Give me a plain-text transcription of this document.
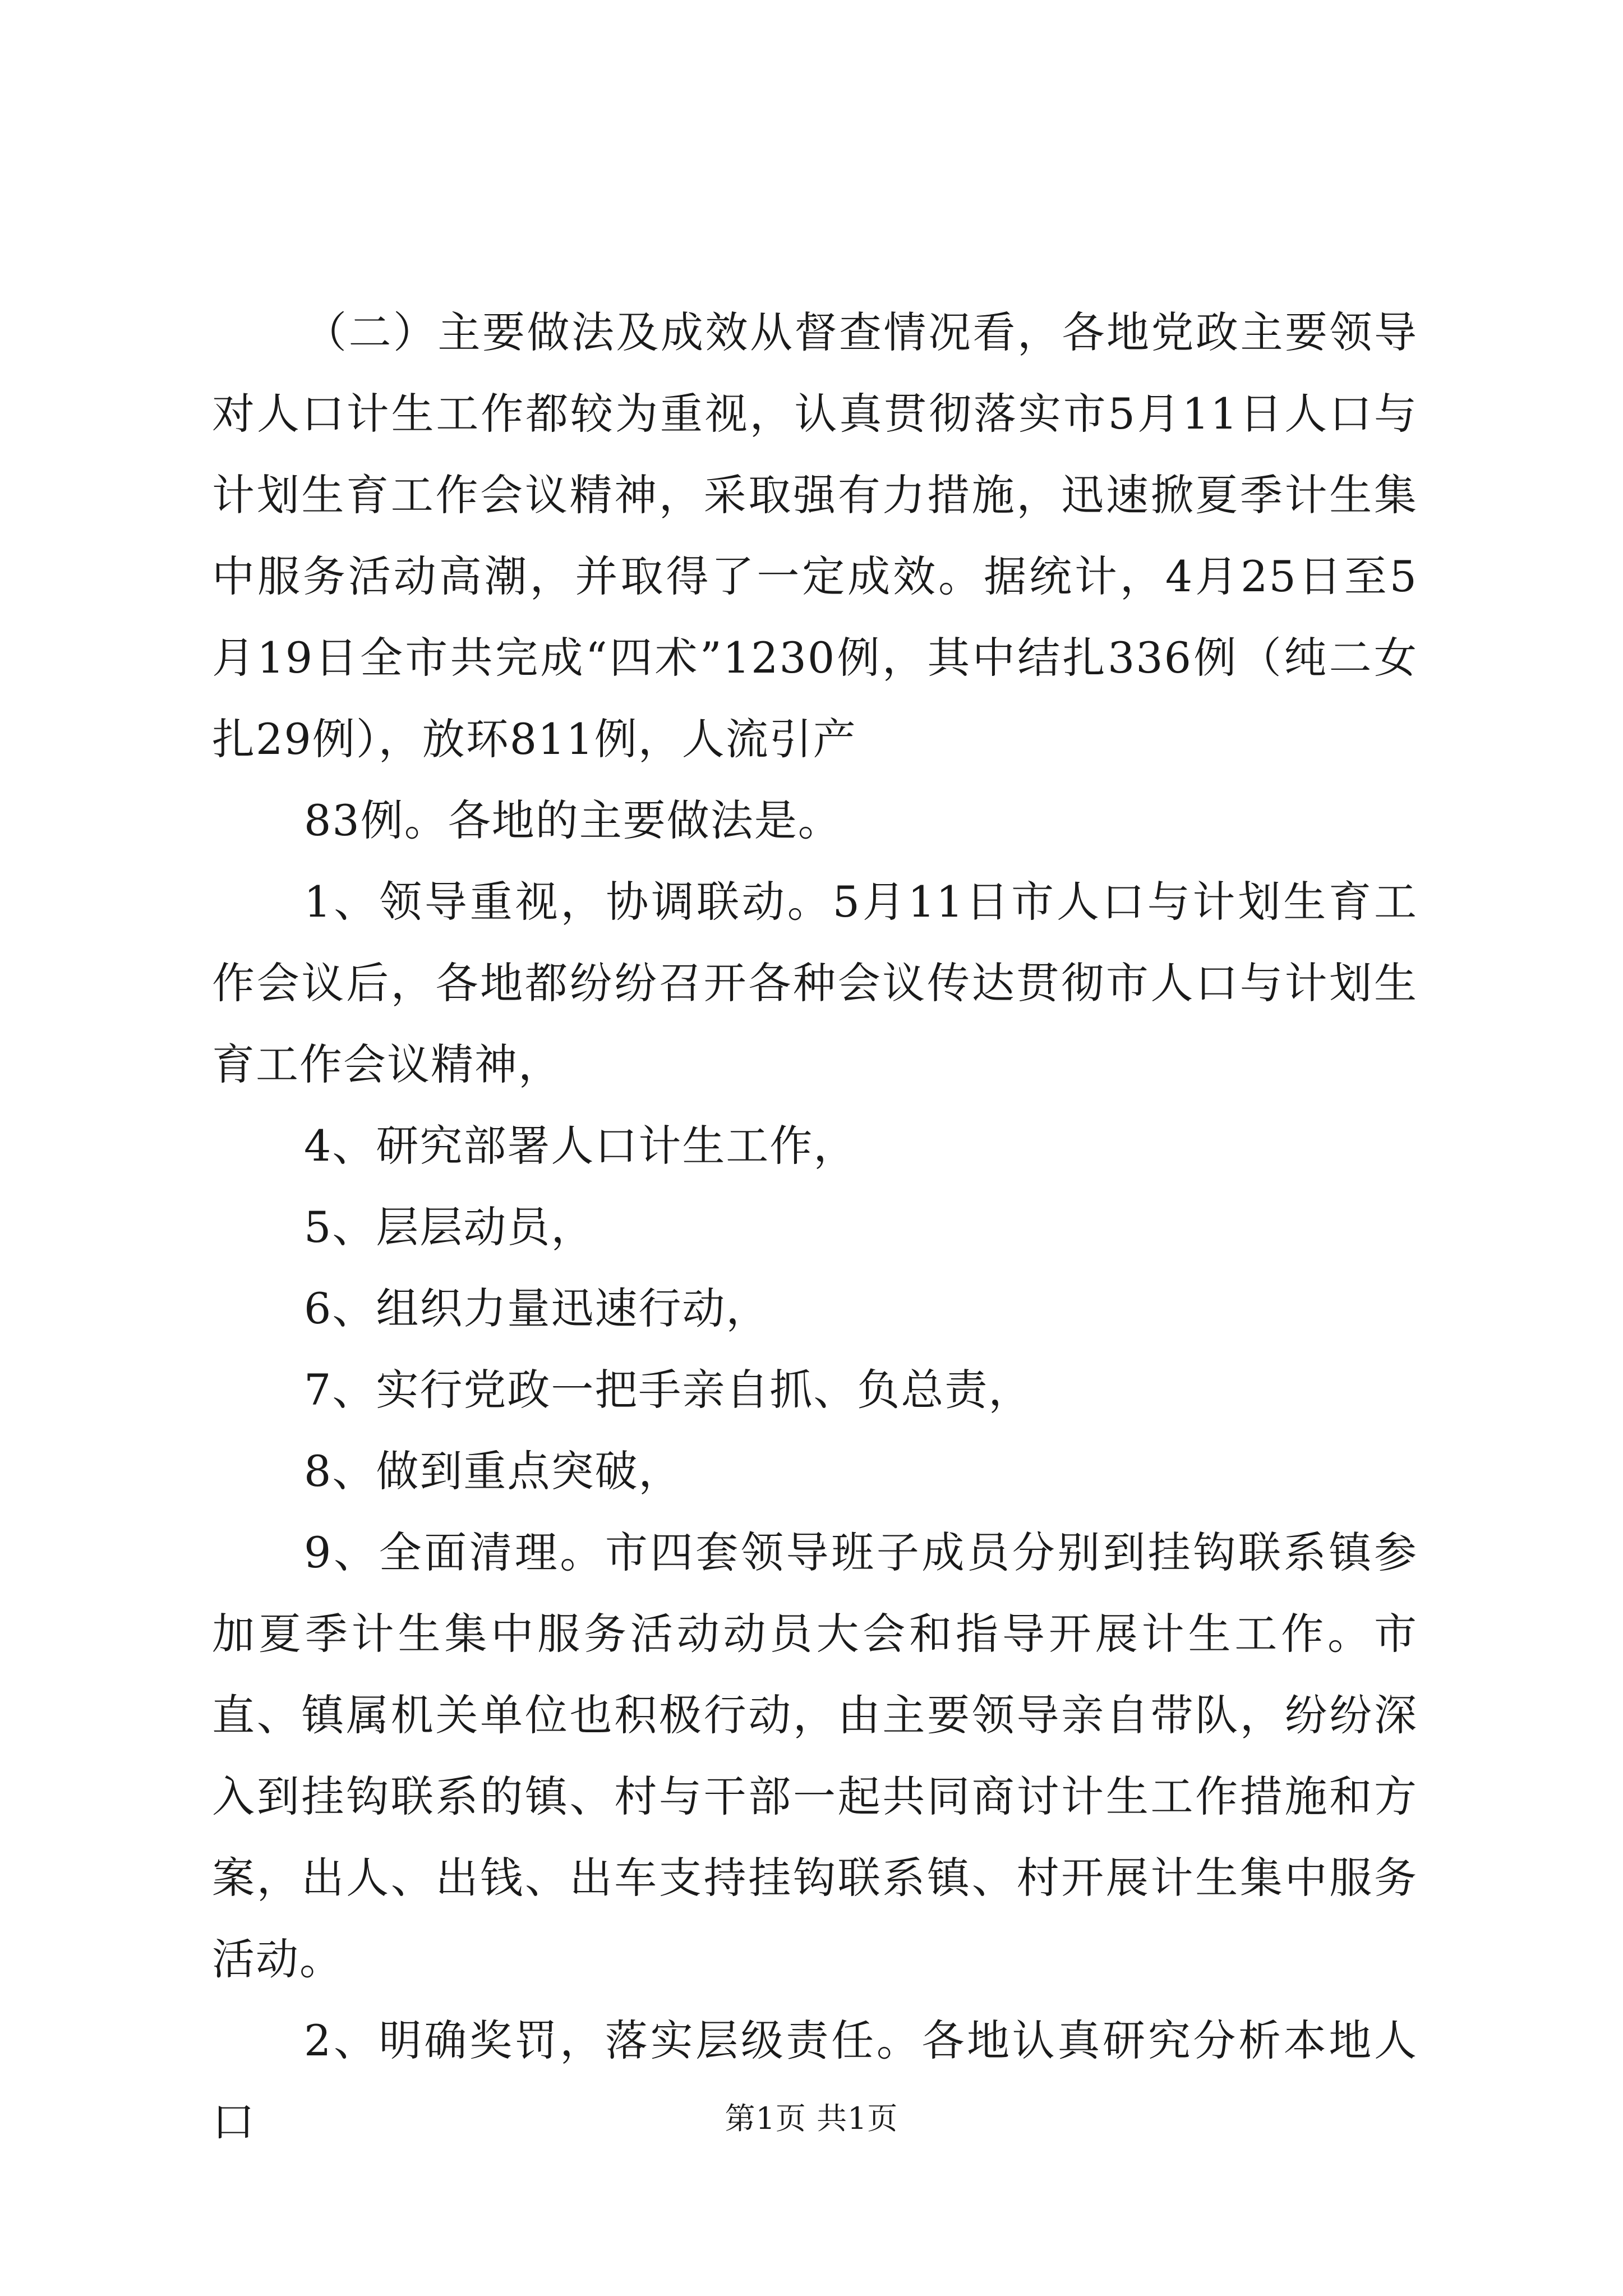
（二）主要做法及成效从督查情况看，各地党政主要领导对人口计生工作都较为重视，认真贯彻落实市5月11日人口与计划生育工作会议精神，采取强有力措施，迅速掀夏季计生集中服务活动高潮，并取得了一定成效。据统计，4月25日至5月19日全市共完成“四术”1230例，其中结扎336例（纯二女扎29例），放环811例，人流引产

83例。各地的主要做法是。

1、领导重视，协调联动。5月11日市人口与计划生育工作会议后，各地都纷纷召开各种会议传达贯彻市人口与计划生育工作会议精神，

4、研究部署人口计生工作，

5、层层动员，

6、组织力量迅速行动，

7、实行党政一把手亲自抓、负总责，

8、做到重点突破，

9、全面清理。市四套领导班子成员分别到挂钩联系镇参加夏季计生集中服务活动动员大会和指导开展计生工作。市直、镇属机关单位也积极行动，由主要领导亲自带队，纷纷深入到挂钩联系的镇、村与干部一起共同商讨计生工作措施和方案，出人、出钱、出车支持挂钩联系镇、村开展计生集中服务活动。

2、明确奖罚，落实层级责任。各地认真研究分析本地人口	第1页 共1页
